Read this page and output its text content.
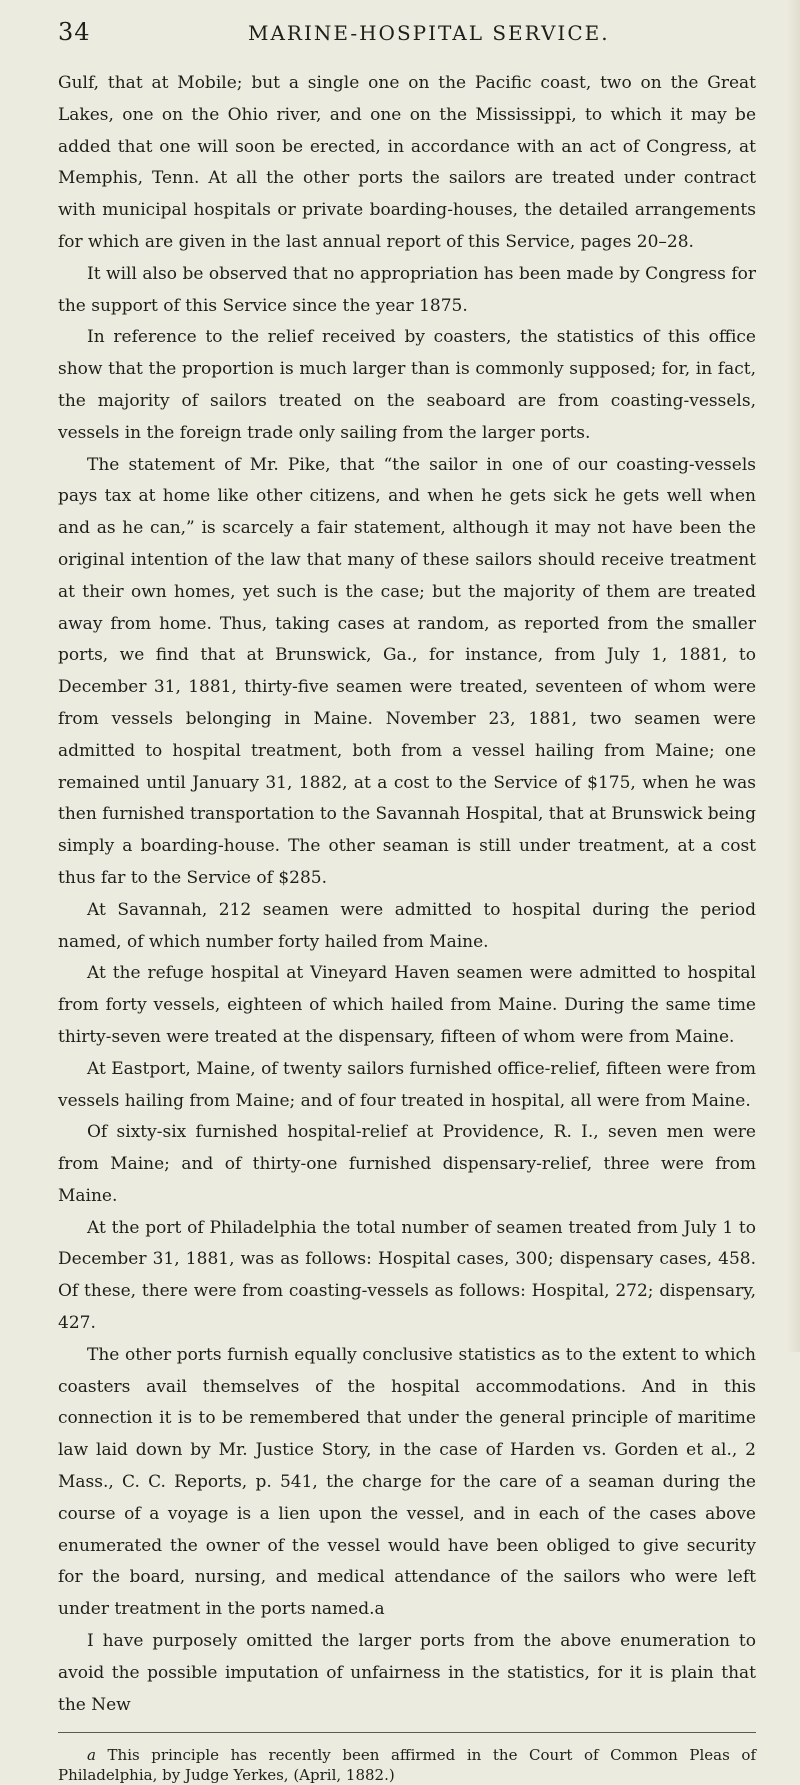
34	MARINE-HOSPITAL SERVICE.

Gulf, that at Mobile; but a single one on the Pacific coast, two on the Great Lakes, one on the Ohio river, and one on the Mississippi, to which it may be added that one will soon be erected, in accordance with an act of Congress, at Memphis, Tenn. At all the other ports the sailors are treated under contract with municipal hospitals or private boarding-houses, the detailed arrangements for which are given in the last annual report of this Service, pages 20–28.

It will also be observed that no appropriation has been made by Congress for the support of this Service since the year 1875.

In reference to the relief received by coasters, the statistics of this office show that the proportion is much larger than is commonly supposed; for, in fact, the majority of sailors treated on the seaboard are from coasting-vessels, vessels in the foreign trade only sailing from the larger ports.

The statement of Mr. Pike, that “the sailor in one of our coasting-vessels pays tax at home like other citizens, and when he gets sick he gets well when and as he can,” is scarcely a fair statement, although it may not have been the original intention of the law that many of these sailors should receive treatment at their own homes, yet such is the case; but the majority of them are treated away from home. Thus, taking cases at random, as reported from the smaller ports, we find that at Brunswick, Ga., for instance, from July 1, 1881, to December 31, 1881, thirty-five seamen were treated, seventeen of whom were from vessels belonging in Maine. November 23, 1881, two seamen were admitted to hospital treatment, both from a vessel hailing from Maine; one remained until January 31, 1882, at a cost to the Service of $175, when he was then furnished transportation to the Savannah Hospital, that at Brunswick being simply a boarding-house. The other seaman is still under treatment, at a cost thus far to the Service of $285.

At Savannah, 212 seamen were admitted to hospital during the period named, of which number forty hailed from Maine.

At the refuge hospital at Vineyard Haven seamen were admitted to hospital from forty vessels, eighteen of which hailed from Maine. During the same time thirty-seven were treated at the dispensary, fifteen of whom were from Maine.

At Eastport, Maine, of twenty sailors furnished office-relief, fifteen were from vessels hailing from Maine; and of four treated in hospital, all were from Maine.

Of sixty-six furnished hospital-relief at Providence, R. I., seven men were from Maine; and of thirty-one furnished dispensary-relief, three were from Maine.

At the port of Philadelphia the total number of seamen treated from July 1 to December 31, 1881, was as follows: Hospital cases, 300; dispensary cases, 458. Of these, there were from coasting-vessels as follows: Hospital, 272; dispensary, 427.

The other ports furnish equally conclusive statistics as to the extent to which coasters avail themselves of the hospital accommodations. And in this connection it is to be remembered that under the general principle of maritime law laid down by Mr. Justice Story, in the case of Harden vs. Gorden et al., 2 Mass., C. C. Reports, p. 541, the charge for the care of a seaman during the course of a voyage is a lien upon the vessel, and in each of the cases above enumerated the owner of the vessel would have been obliged to give security for the board, nursing, and medical attendance of the sailors who were left under treatment in the ports named.a

I have purposely omitted the larger ports from the above enumeration to avoid the possible imputation of unfairness in the statistics, for it is plain that the New

a This principle has recently been affirmed in the Court of Common Pleas of Philadelphia, by Judge Yerkes, (April, 1882.)
